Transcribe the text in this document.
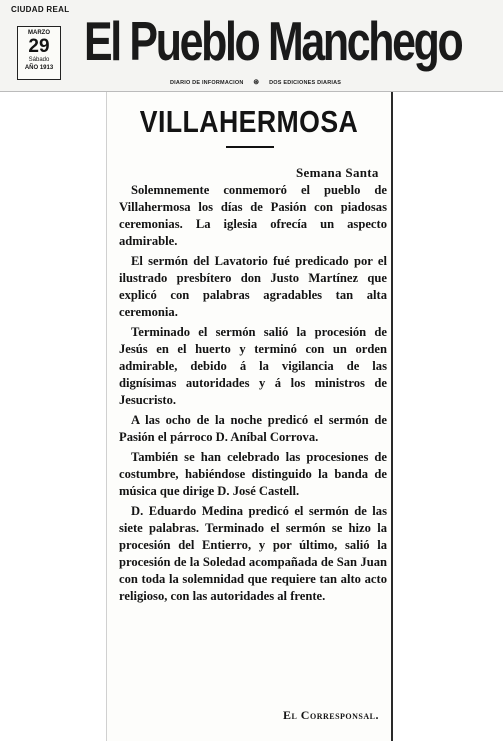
CIUDAD REAL
MARZO
29
Sábado
AÑO 1913 El Pueblo Manchego
DIARIO DE INFORMACION ⊛ DOS EDICIONES DIARIAS
VILLAHERMOSA
Semana Santa

Solemnemente conmemoró el pueblo de Villahermosa los días de Pasión con piadosas ceremonias. La iglesia ofrecía un aspecto admirable.

El sermón del Lavatorio fué predicado por el ilustrado presbítero don Justo Martínez que explicó con palabras agradables tan alta ceremonia.

Terminado el sermón salió la procesión de Jesús en el huerto y terminó con un orden admirable, debido á la vigilancia de las dignísimas autoridades y á los ministros de Jesucristo.

A las ocho de la noche predicó el sermón de Pasión el párroco D. Aníbal Corrova.

También se han celebrado las procesiones de costumbre, habiéndose distinguido la banda de música que dirige D. José Castell.

D. Eduardo Medina predicó el sermón de las siete palabras. Terminado el sermón se hizo la procesión del Entierro, y por último, salió la procesión de la Soledad acompañada de San Juan con toda la solemnidad que requiere tan alto acto religioso, con las autoridades al frente.

El Corresponsal.
